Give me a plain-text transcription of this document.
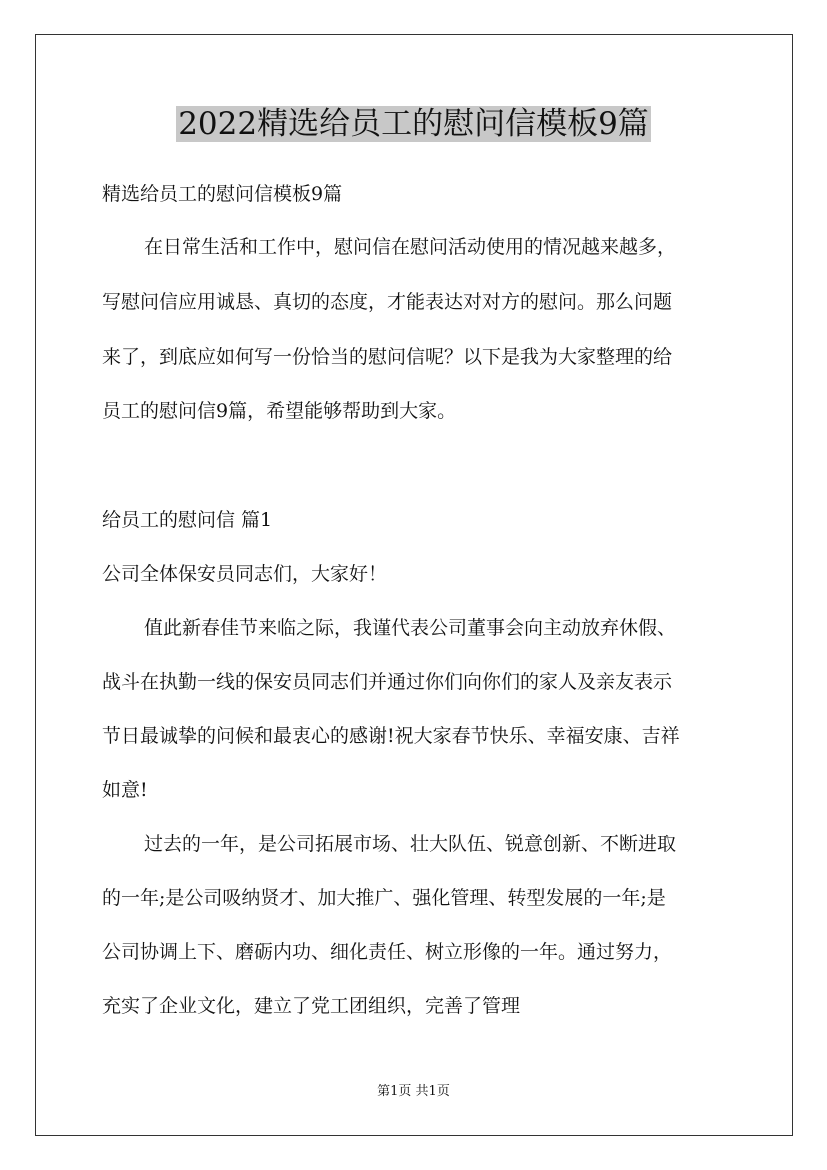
2022精选给员工的慰问信模板9篇

精选给员工的慰问信模板9篇

在日常生活和工作中，慰问信在慰问活动使用的情况越来越多，

写慰问信应用诚恳、真切的态度，才能表达对对方的慰问。那么问题

来了，到底应如何写一份恰当的慰问信呢？以下是我为大家整理的给

员工的慰问信9篇，希望能够帮助到大家。

给员工的慰问信 篇1

公司全体保安员同志们，大家好！

值此新春佳节来临之际，我谨代表公司董事会向主动放弃休假、

战斗在执勤一线的保安员同志们并通过你们向你们的家人及亲友表示

节日最诚挚的问候和最衷心的感谢!祝大家春节快乐、幸福安康、吉祥

如意!

过去的一年，是公司拓展市场、壮大队伍、锐意创新、不断进取

的一年;是公司吸纳贤才、加大推广、强化管理、转型发展的一年;是

公司协调上下、磨砺内功、细化责任、树立形像的一年。通过努力，

充实了企业文化，建立了党工团组织，完善了管理

第1页 共1页
